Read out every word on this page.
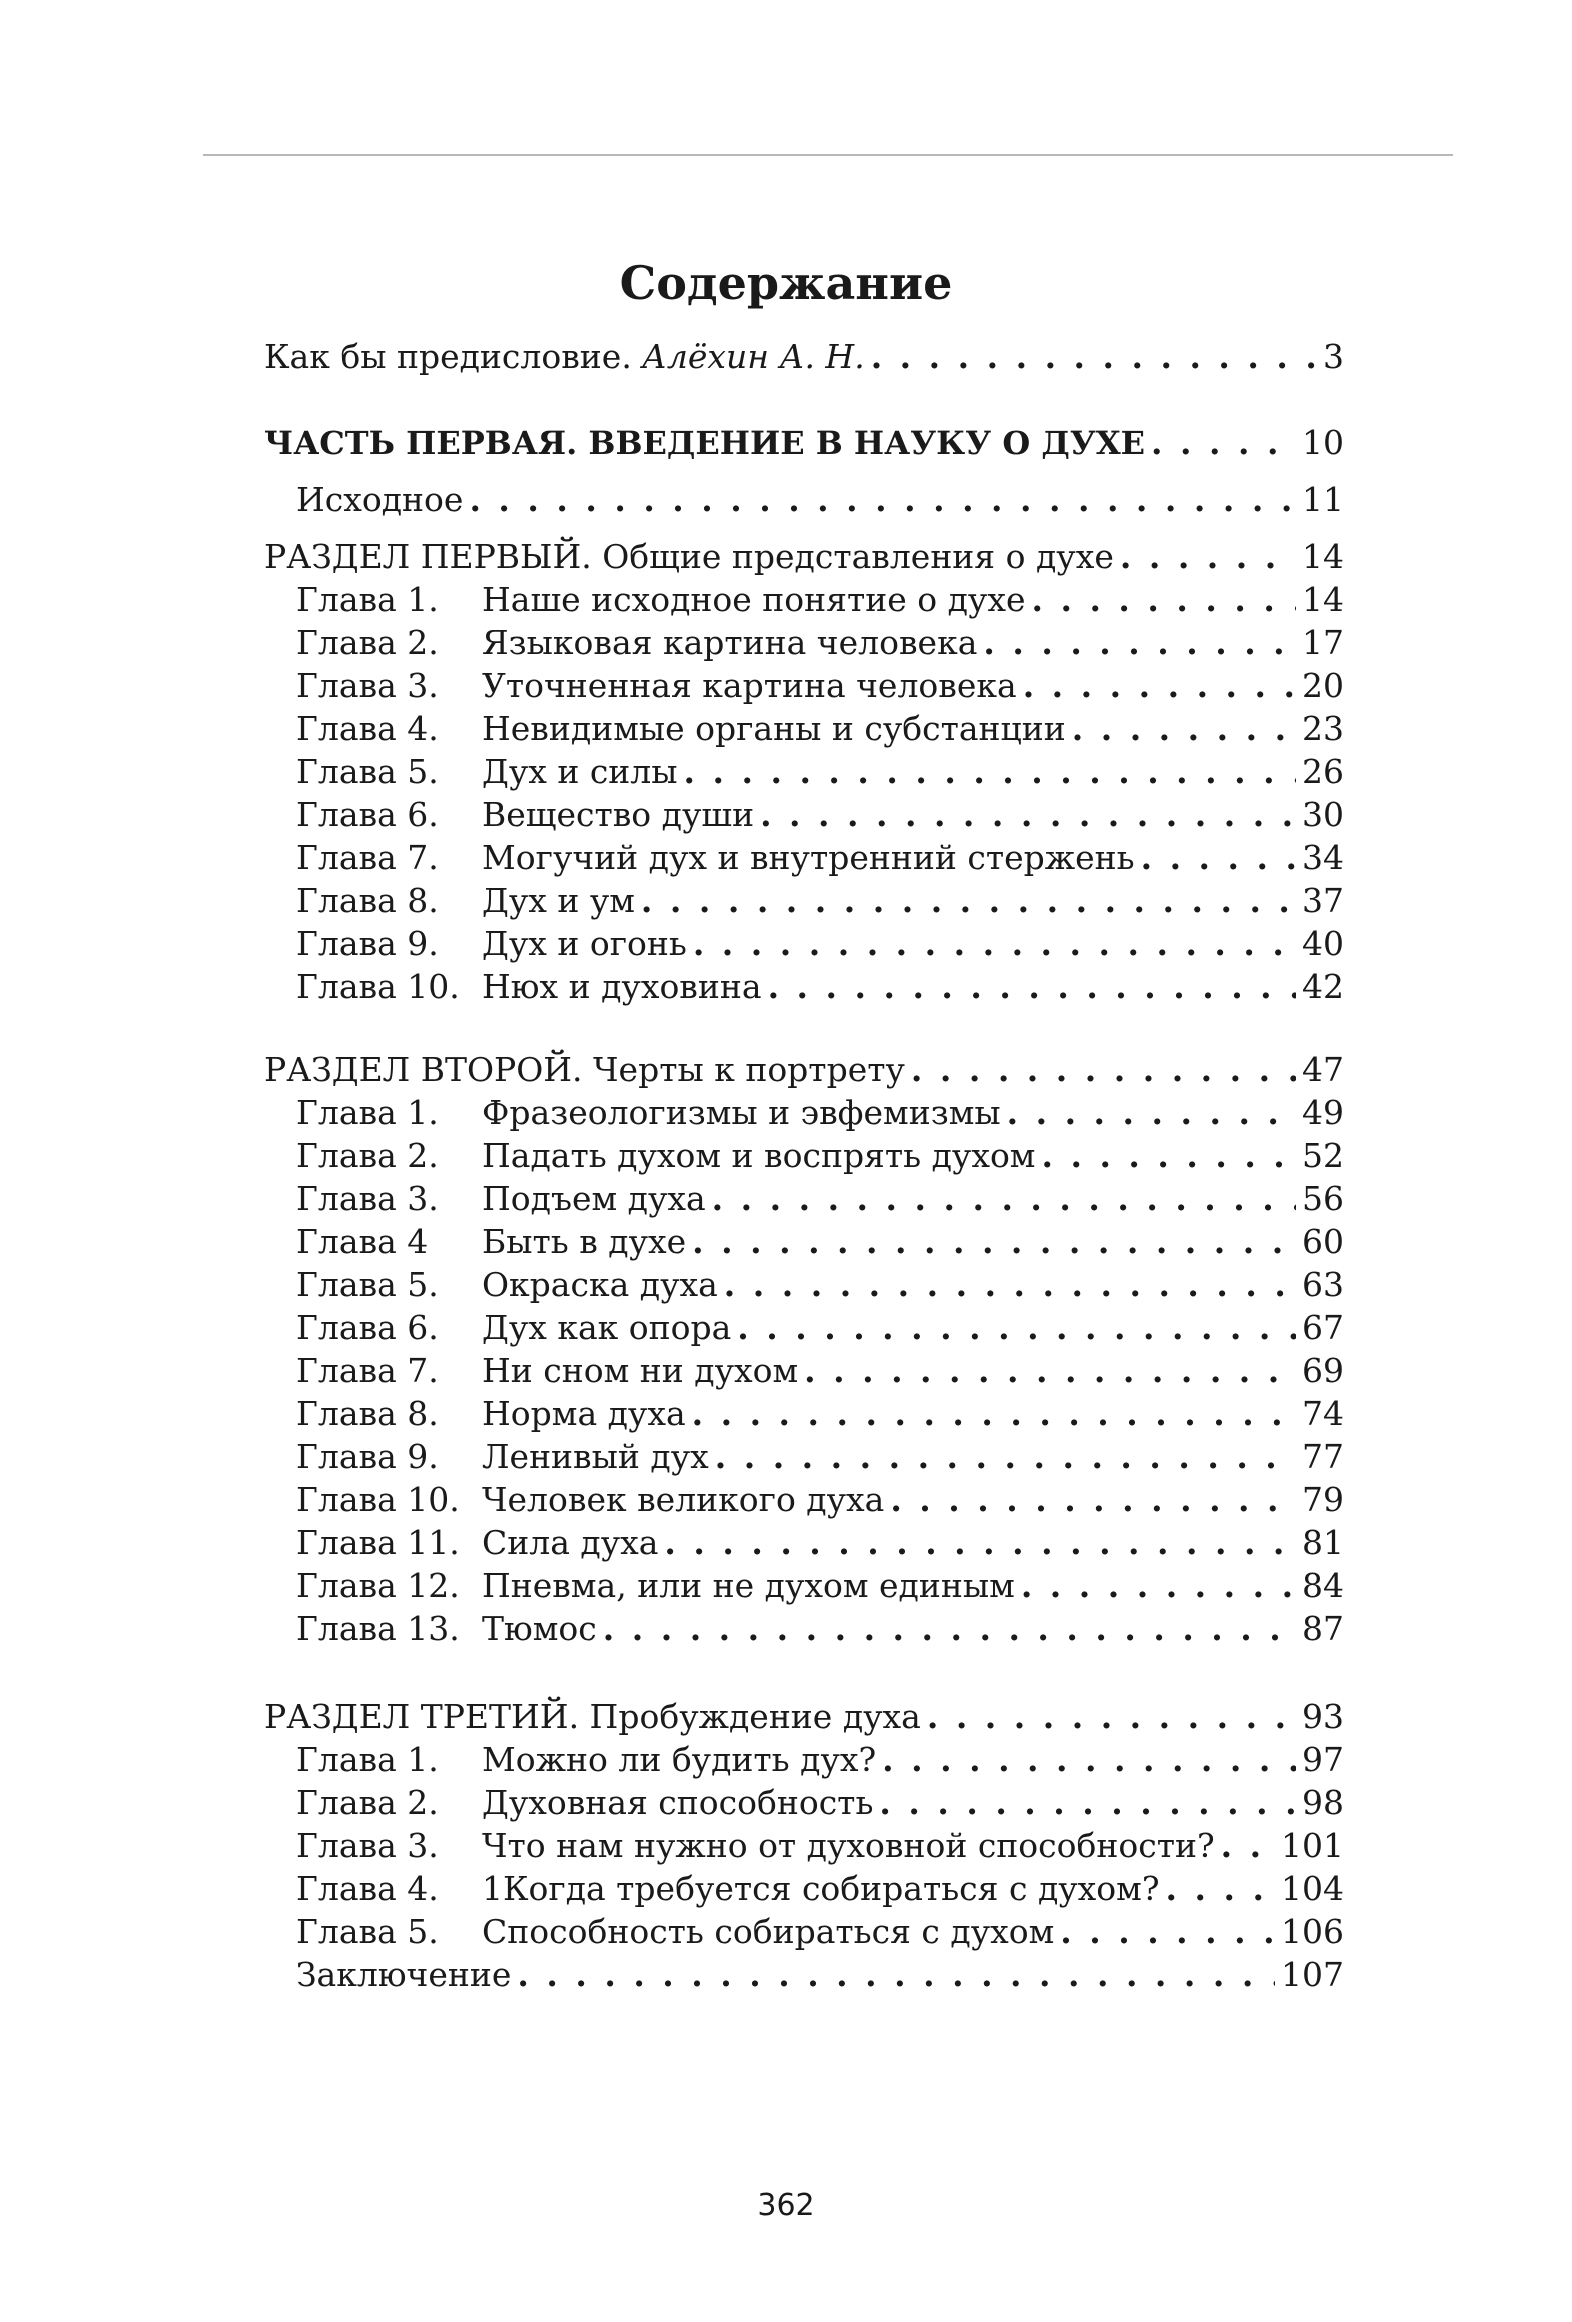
Содержание
Как бы предисловие. Алёхин А. Н. . . .	3
ЧАСТЬ ПЕРВАЯ. ВВЕДЕНИЕ В НАУКУ О ДУХЕ . . .	10
Исходное . . .	11
РАЗДЕЛ ПЕРВЫЙ. Общие представления о духе . . .	14
Глава 1.	Наше исходное понятие о духе . . .	14
Глава 2.	Языковая картина человека . . .	17
Глава 3.	Уточненная картина человека . . .	20
Глава 4.	Невидимые органы и субстанции . . .	23
Глава 5.	Дух и силы . . .	26
Глава 6.	Вещество души . . .	30
Глава 7.	Могучий дух и внутренний стержень . . .	34
Глава 8.	Дух и ум . . .	37
Глава 9.	Дух и огонь . . .	40
Глава 10. Нюх и духовина . . .	42
РАЗДЕЛ ВТОРОЙ. Черты к портрету . . .	47
Глава 1.	Фразеологизмы и эвфемизмы . . .	49
Глава 2.	Падать духом и воспрять духом . . .	52
Глава 3.	Подъем духа . . .	56
Глава 4	Быть в духе . . .	60
Глава 5.	Окраска духа . . .	63
Глава 6.	Дух как опора . . .	67
Глава 7.	Ни сном ни духом . . .	69
Глава 8.	Норма духа . . .	74
Глава 9.	Ленивый дух . . .	77
Глава 10. Человек великого духа . . .	79
Глава 11. Сила духа . . .	81
Глава 12. Пневма, или не духом единым . . .	84
Глава 13. Тюмос . . .	87
РАЗДЕЛ ТРЕТИЙ. Пробуждение духа . . .	93
Глава 1.	Можно ли будить дух? . . .	97
Глава 2.	Духовная способность . . .	98
Глава 3.	Что нам нужно от духовной способности? . . . 101
Глава 4.	1Когда требуется собираться с духом? . . .	104
Глава 5.	Способность собираться с духом . . .	106
Заключение . . .	107
362
